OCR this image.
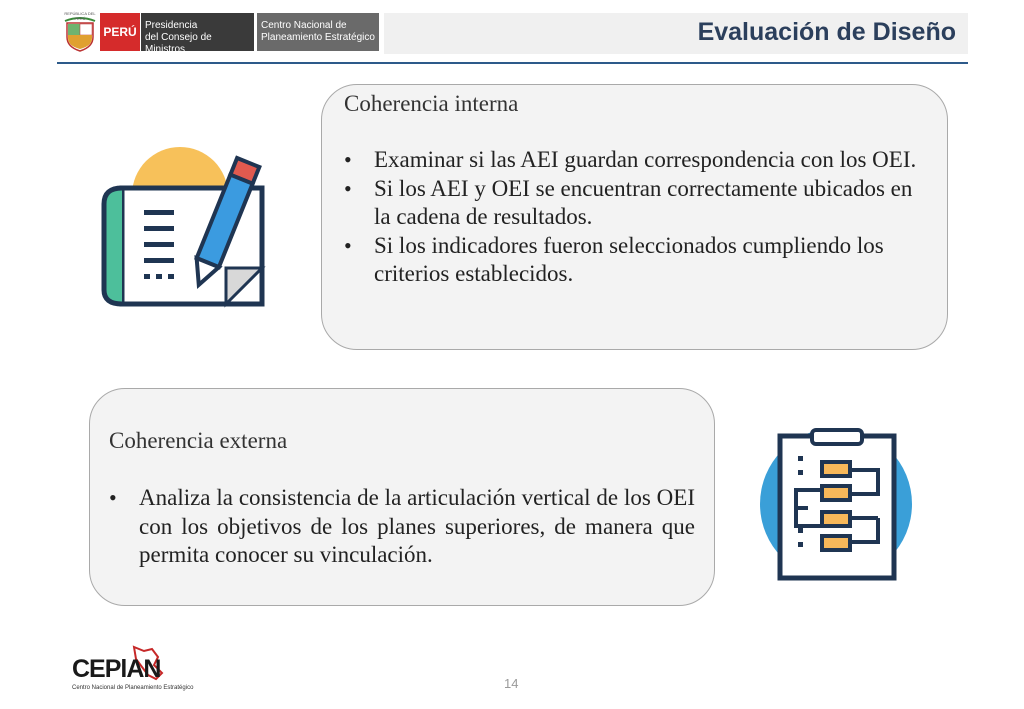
REPÚBLICA DEL PERÚ
PERÚ Presidencia
del Consejo de Ministros
Centro Nacional de
Planeamiento Estratégico	Evaluación de Diseño
Coherencia interna
• Examinar si las AEI guardan correspondencia con los OEI.
• Si los AEI y OEI se encuentran correctamente ubicados en la cadena de resultados.
• Si los indicadores fueron seleccionados cumpliendo los criterios establecidos.
Coherencia externa
• Analiza la consistencia de la articulación vertical de los OEI con los objetivos de los planes superiores, de manera que permita conocer su vinculación.
CEPlAN
Centro Nacional de Planeamiento Estratégico	14
